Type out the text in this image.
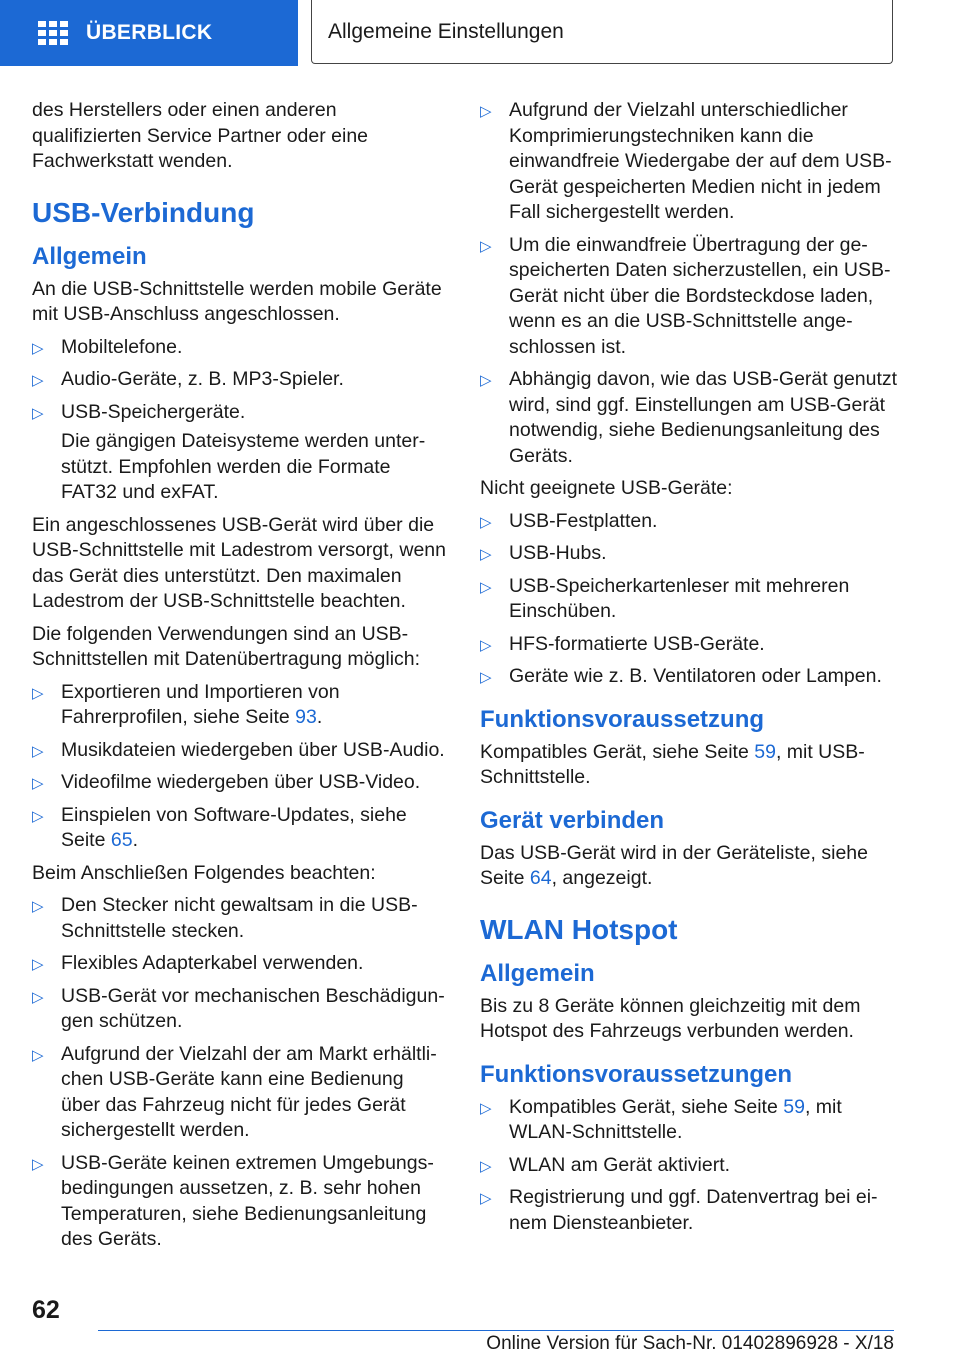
ÜBERBLICK	Allgemeine Einstellungen

des Herstellers oder einen anderen qualifizierten Service Partner oder eine Fachwerkstatt wenden.

USB-Verbindung
Allgemein

An die USB-Schnittstelle werden mobile Geräte mit USB-Anschluss angeschlossen.

▷ Mobiltelefone.
▷ Audio-Geräte, z. B. MP3-Spieler.
▷ USB-Speichergeräte.

Die gängigen Dateisysteme werden unterstützt. Empfohlen werden die Formate FAT32 und exFAT.

Ein angeschlossenes USB-Gerät wird über die USB-Schnittstelle mit Ladestrom versorgt, wenn das Gerät dies unterstützt. Den maximalen Ladestrom der USB-Schnittstelle beachten.

Die folgenden Verwendungen sind an USB-Schnittstellen mit Datenübertragung möglich:

▷ Exportieren und Importieren von Fahrerprofilen, siehe Seite 93.
▷ Musikdateien wiedergeben über USB-Audio.
▷ Videofilme wiedergeben über USB-Video.
▷ Einspielen von Software-Updates, siehe Seite 65.

Beim Anschließen Folgendes beachten:

▷ Den Stecker nicht gewaltsam in die USB-Schnittstelle stecken.
▷ Flexibles Adapterkabel verwenden.
▷ USB-Gerät vor mechanischen Beschädigungen schützen.
▷ Aufgrund der Vielzahl der am Markt erhältlichen USB-Geräte kann eine Bedienung über das Fahrzeug nicht für jedes Gerät sichergestellt werden.
▷ USB-Geräte keinen extremen Umgebungsbedingungen aussetzen, z. B. sehr hohen Temperaturen, siehe Bedienungsanleitung des Geräts.
▷ Aufgrund der Vielzahl unterschiedlicher Komprimierungstechniken kann die einwandfreie Wiedergabe der auf dem USB-Gerät gespeicherten Medien nicht in jedem Fall sichergestellt werden.
▷ Um die einwandfreie Übertragung der gespeicherten Daten sicherzustellen, ein USB-Gerät nicht über die Bordsteckdose laden, wenn es an die USB-Schnittstelle angeschlossen ist.
▷ Abhängig davon, wie das USB-Gerät genutzt wird, sind ggf. Einstellungen am USB-Gerät notwendig, siehe Bedienungsanleitung des Geräts.

Nicht geeignete USB-Geräte:

▷ USB-Festplatten.
▷ USB-Hubs.
▷ USB-Speicherkartenleser mit mehreren Einschüben.
▷ HFS-formatierte USB-Geräte.
▷ Geräte wie z. B. Ventilatoren oder Lampen.
Funktionsvoraussetzung

Kompatibles Gerät, siehe Seite 59, mit USB-Schnittstelle.

Gerät verbinden

Das USB-Gerät wird in der Geräteliste, siehe Seite 64, angezeigt.

WLAN Hotspot
Allgemein

Bis zu 8 Geräte können gleichzeitig mit dem Hotspot des Fahrzeugs verbunden werden.

Funktionsvoraussetzungen
▷ Kompatibles Gerät, siehe Seite 59, mit WLAN-Schnittstelle.
▷ WLAN am Gerät aktiviert.
▷ Registrierung und ggf. Datenvertrag bei einem Diensteanbieter.
62
Online Version für Sach-Nr. 01402896928 - X/18
